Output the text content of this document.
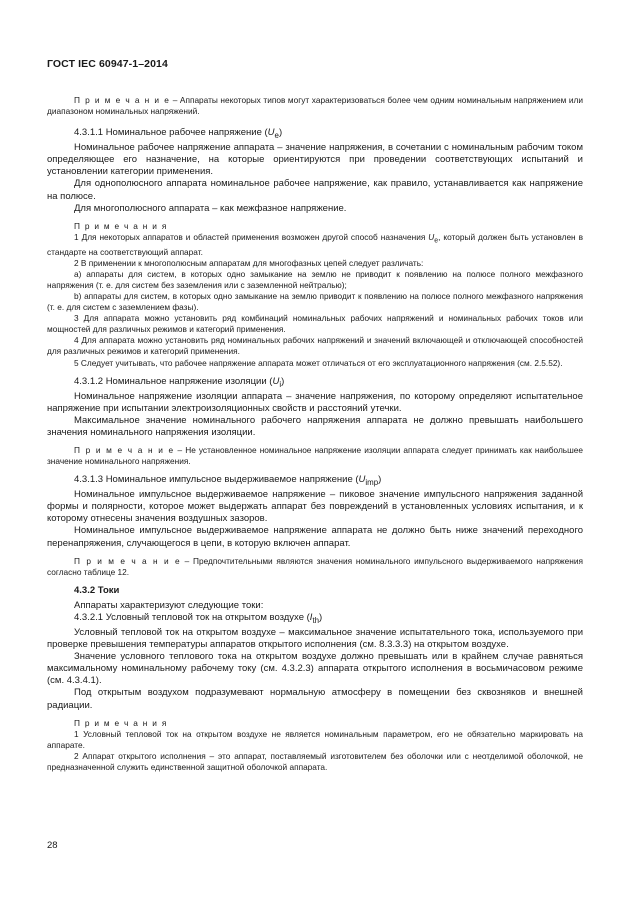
ГОСТ IEC 60947-1–2014

П р и м е ч а н и е – Аппараты некоторых типов могут характеризоваться более чем одним номинальным напряжением или диапазоном номинальных напряжений.

4.3.1.1 Номинальное рабочее напряжение $(U_e)$

Номинальное рабочее напряжение аппарата – значение напряжения, в сочетании с номинальным рабочим током определяющее его назначение, на которые ориентируются при проведении соответствующих испытаний и установлении категории применения.

Для однополюсного аппарата номинальное рабочее напряжение, как правило, устанавливается как напряжение на полюсе.

Для многополюсного аппарата – как межфазное напряжение.

П р и м е ч а н и я

1 Для некоторых аппаратов и областей применения возможен другой способ назначения $U_e$, который должен быть установлен в стандарте на соответствующий аппарат.

2 В применении к многополюсным аппаратам для многофазных цепей следует различать:

а) аппараты для систем, в которых одно замыкание на землю не приводит к появлению на полюсе полного межфазного напряжения (т. е. для систем без заземления или с заземленной нейтралью);

b) аппараты для систем, в которых одно замыкание на землю приводит к появлению на полюсе полного межфазного напряжения (т. е. для систем с заземлением фазы).

3 Для аппарата можно установить ряд комбинаций номинальных рабочих напряжений и номинальных рабочих токов или мощностей для различных режимов и категорий применения.

4 Для аппарата можно установить ряд номинальных рабочих напряжений и значений включающей и отключающей способностей для различных режимов и категорий применения.

5 Следует учитывать, что рабочее напряжение аппарата может отличаться от его эксплуатационного напряжения (см. 2.5.52).

4.3.1.2 Номинальное напряжение изоляции $(U_i)$

Номинальное напряжение изоляции аппарата – значение напряжения, по которому определяют испытательное напряжение при испытании электроизоляционных свойств и расстояний утечки.

Максимальное значение номинального рабочего напряжения аппарата не должно превышать наибольшего значения номинального напряжения изоляции.

П р и м е ч а н и е – Не установленное номинальное напряжение изоляции аппарата следует принимать как наибольшее значение номинального напряжения.

4.3.1.3 Номинальное импульсное выдерживаемое напряжение $(U_{imp})$

Номинальное импульсное выдерживаемое напряжение – пиковое значение импульсного напряжения заданной формы и полярности, которое может выдержать аппарат без повреждений в установленных условиях испытания, и к которому отнесены значения воздушных зазоров.

Номинальное импульсное выдерживаемое напряжение аппарата не должно быть ниже значений переходного перенапряжения, случающегося в цепи, в которую включен аппарат.

П р и м е ч а н и е – Предпочтительными являются значения номинального импульсного выдерживаемого напряжения согласно таблице 12.

4.3.2 Токи

Аппараты характеризуют следующие токи:

4.3.2.1 Условный тепловой ток на открытом воздухе $(I_{th})$

Условный тепловой ток на открытом воздухе – максимальное значение испытательного тока, используемого при проверке превышения температуры аппаратов открытого исполнения (см. 8.3.3.3) на открытом воздухе.

Значение условного теплового тока на открытом воздухе должно превышать или в крайнем случае равняться максимальному номинальному рабочему току (см. 4.3.2.3) аппарата открытого исполнения в восьмичасовом режиме (см. 4.3.4.1).

Под открытым воздухом подразумевают нормальную атмосферу в помещении без сквозняков и внешней радиации.

П р и м е ч а н и я

1 Условный тепловой ток на открытом воздухе не является номинальным параметром, его не обязательно маркировать на аппарате.

2 Аппарат открытого исполнения – это аппарат, поставляемый изготовителем без оболочки или с неотделимой оболочкой, не предназначенной служить единственной защитной оболочкой аппарата.

28
